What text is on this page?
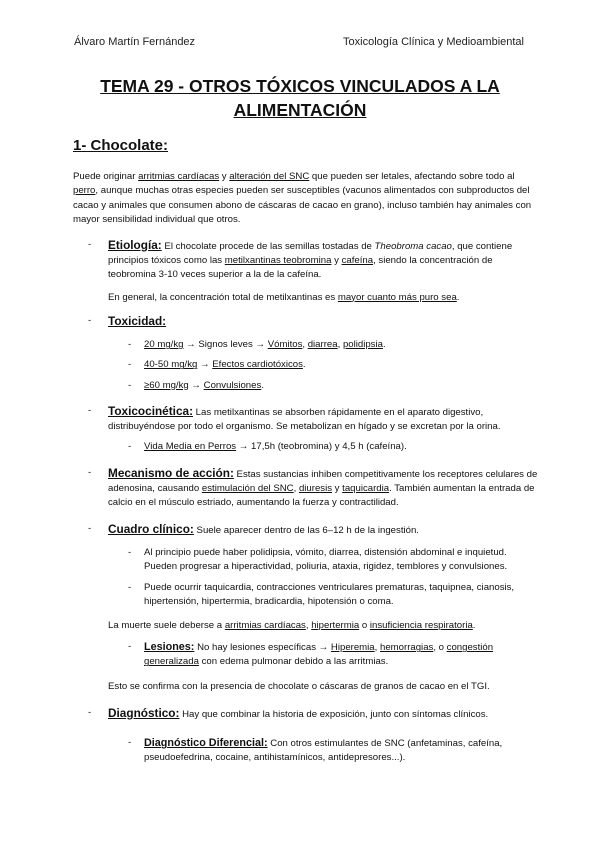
Álvaro Martín Fernández	Toxicología Clínica y Medioambiental
TEMA 29 - OTROS TÓXICOS VINCULADOS A LA
ALIMENTACIÓN
1- Chocolate:

Puede originar arritmias cardíacas y alteración del SNC que pueden ser letales, afectando sobre todo al perro, aunque muchas otras especies pueden ser susceptibles (vacunos alimentados con subproductos del cacao y animales que consumen abono de cáscaras de cacao en grano), incluso también hay animales con mayor sensibilidad individual que otros.

- Etiología: El chocolate procede de las semillas tostadas de Theobroma cacao, que contiene principios tóxicos como las metilxantinas teobromina y cafeína, siendo la concentración de teobromina 3-10 veces superior a la de la cafeína.

En general, la concentración total de metilxantinas es mayor cuanto más puro sea.

- Toxicidad:
- 20 mg/kg → Signos leves → Vómitos, diarrea, polidipsia.
- 40-50 mg/kg → Efectos cardiotóxicos.
- ≥60 mg/kg → Convulsiones.
- Toxicocinética: Las metilxantinas se absorben rápidamente en el aparato digestivo, distribuyéndose por todo el organismo. Se metabolizan en hígado y se excretan por la orina.

- Vida Media en Perros → 17,5h (teobromina) y 4,5 h (cafeína).
- Mecanismo de acción: Estas sustancias inhiben competitivamente los receptores celulares de adenosina, causando estimulación del SNC, diuresis y taquicardia. También aumentan la entrada de calcio en el músculo estriado, aumentando la fuerza y contractilidad.

- Cuadro clínico: Suele aparecer dentro de las 6–12 h de la ingestión.

- Al principio puede haber polidipsia, vómito, diarrea, distensión abdominal e inquietud. Pueden progresar a hiperactividad, poliuria, ataxia, rigidez, temblores y convulsiones.
- Puede ocurrir taquicardia, contracciones ventriculares prematuras, taquipnea, cianosis, hipertensión, hipertermia, bradicardia, hipotensión o coma.

La muerte suele deberse a arritmias cardíacas, hipertermia o insuficiencia respiratoria.

- Lesiones: No hay lesiones específicas → Hiperemia, hemorragias, o congestión generalizada con edema pulmonar debido a las arritmias.

Esto se confirma con la presencia de chocolate o cáscaras de granos de cacao en el TGI.

- Diagnóstico: Hay que combinar la historia de exposición, junto con síntomas clínicos.

- Diagnóstico Diferencial: Con otros estimulantes de SNC (anfetaminas, cafeína, pseudoefedrina, cocaine, antihistamínicos, antidepresores...).
